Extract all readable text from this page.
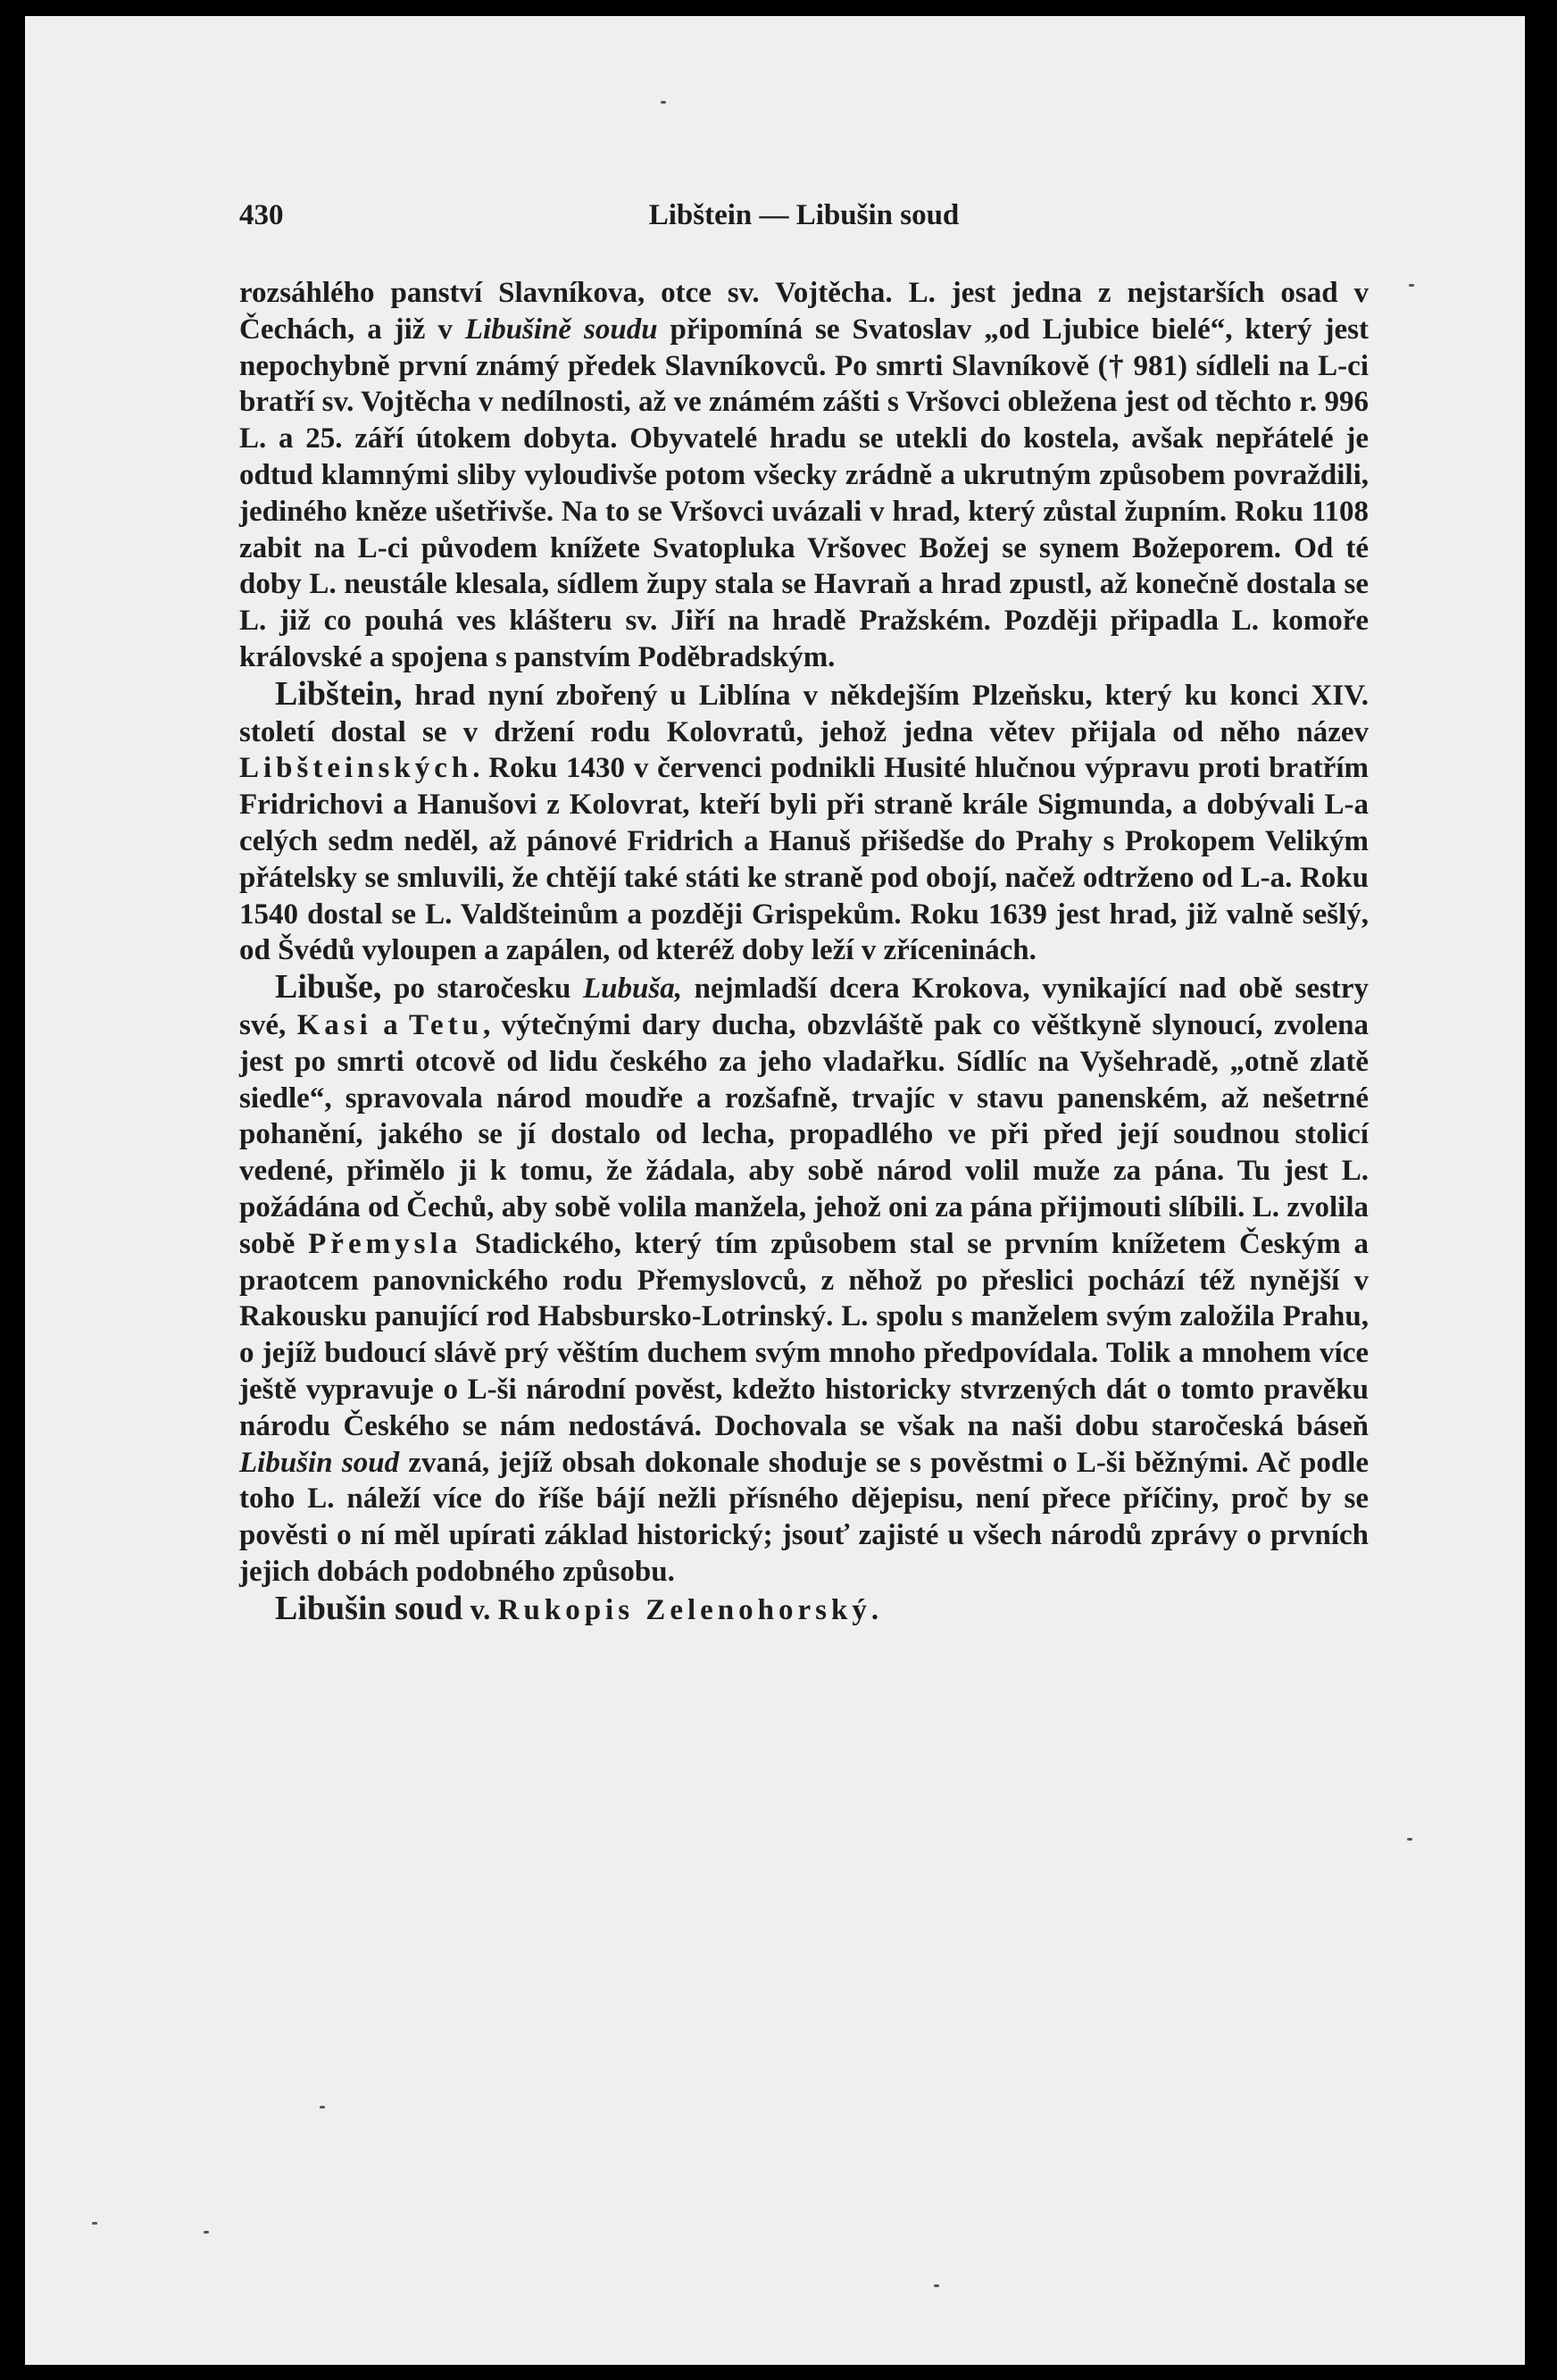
430	Libštein — Libušin soud

rozsáhlého panství Slavníkova, otce sv. Vojtěcha. L. jest jedna z nejstarších osad v Čechách, a již v Libušině soudu připomíná se Svatoslav „od Ljubice bielé“, který jest nepochybně první známý předek Slavníkovců. Po smrti Slavníkově († 981) sídleli na L-ci bratří sv. Vojtěcha v nedílnosti, až ve známém zášti s Vršovci obležena jest od těchto r. 996 L. a 25. září útokem dobyta. Obyvatelé hradu se utekli do kostela, avšak nepřátelé je odtud klamnými sliby vyloudivše potom všecky zrádně a ukrutným způsobem povraždili, jediného kněze ušetřivše. Na to se Vršovci uvázali v hrad, který zůstal župním. Roku 1108 zabit na L-ci původem knížete Svatopluka Vršovec Božej se synem Božeporem. Od té doby L. neustále klesala, sídlem župy stala se Havraň a hrad zpustl, až konečně dostala se L. již co pouhá ves klášteru sv. Jiří na hradě Pražském. Později připadla L. komoře královské a spojena s panstvím Poděbradským.

Libštein, hrad nyní zbořený u Liblína v někdejším Plzeňsku, který ku konci XIV. století dostal se v držení rodu Kolovratů, jehož jedna větev přijala od něho název Libšteinských. Roku 1430 v červenci podnikli Husité hlučnou výpravu proti bratřím Fridrichovi a Hanušovi z Kolovrat, kteří byli při straně krále Sigmunda, a dobývali L-a celých sedm neděl, až pánové Fridrich a Hanuš přišedše do Prahy s Prokopem Velikým přátelsky se smluvili, že chtějí také státi ke straně pod obojí, načež odtrženo od L-a. Roku 1540 dostal se L. Valdšteinům a později Grispekům. Roku 1639 jest hrad, již valně sešlý, od Švédů vyloupen a zapálen, od kteréž doby leží v zříceninách.

Libuše, po staročesku Lubuša, nejmladší dcera Krokova, vynikající nad obě sestry své, Kasi a Tetu, výtečnými dary ducha, obzvláště pak co věštkyně slynoucí, zvolena jest po smrti otcově od lidu českého za jeho vladařku. Sídlíc na Vyšehradě, „otně zlatě siedle“, spravovala národ moudře a rozšafně, trvajíc v stavu panenském, až nešetrné pohanění, jakého se jí dostalo od lecha, propadlého ve při před její soudnou stolicí vedené, přimělo ji k tomu, že žádala, aby sobě národ volil muže za pána. Tu jest L. požádána od Čechů, aby sobě volila manžela, jehož oni za pána přijmouti slíbili. L. zvolila sobě Přemysla Stadického, který tím způsobem stal se prvním knížetem Českým a praotcem panovnického rodu Přemyslovců, z něhož po přeslici pochází též nynější v Rakousku panující rod Habsbursko-Lotrinský. L. spolu s manželem svým založila Prahu, o jejíž budoucí slávě prý věštím duchem svým mnoho předpovídala. Tolik a mnohem více ještě vypravuje o L-ši národní pověst, kdežto historicky stvrzených dát o tomto pravěku národu Českého se nám nedostává. Dochovala se však na naši dobu staročeská báseň Libušin soud zvaná, jejíž obsah dokonale shoduje se s pověstmi o L-ši běžnými. Ač podle toho L. náleží více do říše bájí nežli přísného dějepisu, není přece příčiny, proč by se pověsti o ní měl upírati základ historický; jsouť zajisté u všech národů zprávy o prvních jejich dobách podobného způsobu.

Libušin soud v. Rukopis Zelenohorský.
